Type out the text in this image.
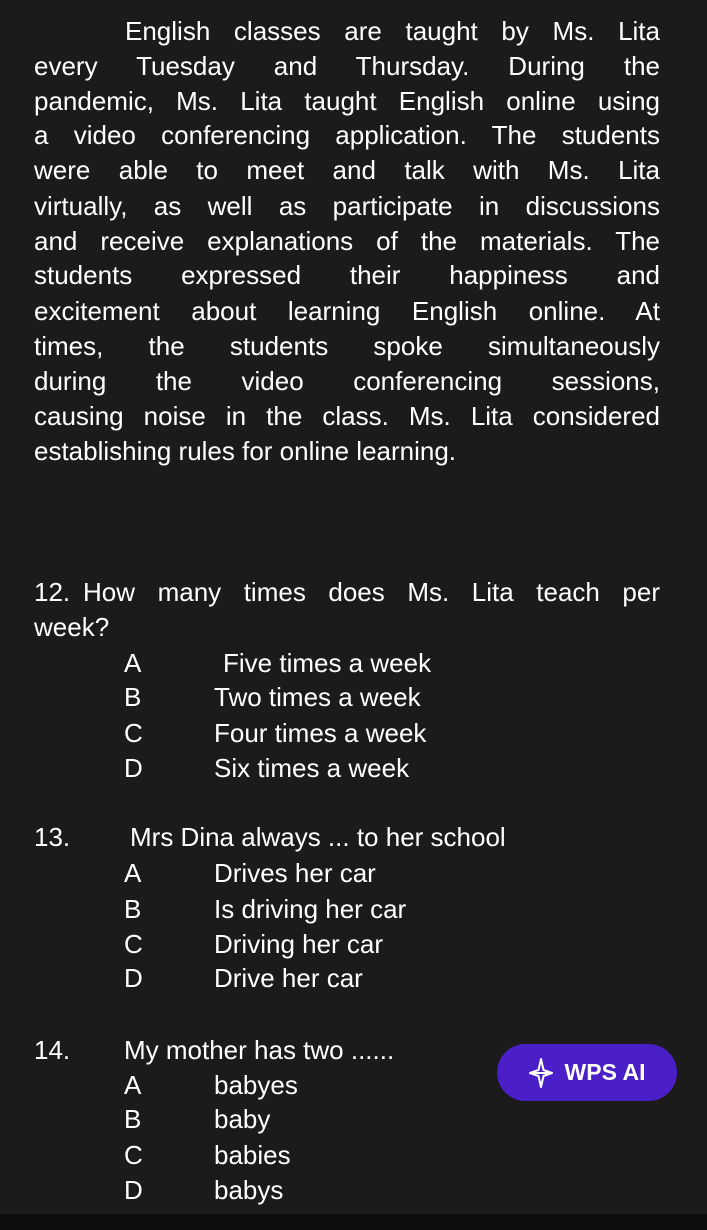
English classes are taught by Ms. Lita
every Tuesday and Thursday. During the
pandemic, Ms. Lita taught English online using
a video conferencing application. The students
were able to meet and talk with Ms. Lita
virtually, as well as participate in discussions
and receive explanations of the materials. The
students expressed their happiness and
excitement about learning English online. At
times, the students spoke simultaneously
during the video conferencing sessions,
causing noise in the class. Ms. Lita considered
establishing rules for online learning.
12. How many times does Ms. Lita teach per
week?
A	Five times a week
B	Two times a week
C	Four times a week
D	Six times a week
13. Mrs Dina always ... to her school
A	Drives her car
B	Is driving her car
C	Driving her car
D	Drive her car
14. My mother has two ......
A	babyes
B	baby
C	babies
D	babys
WPS AI
